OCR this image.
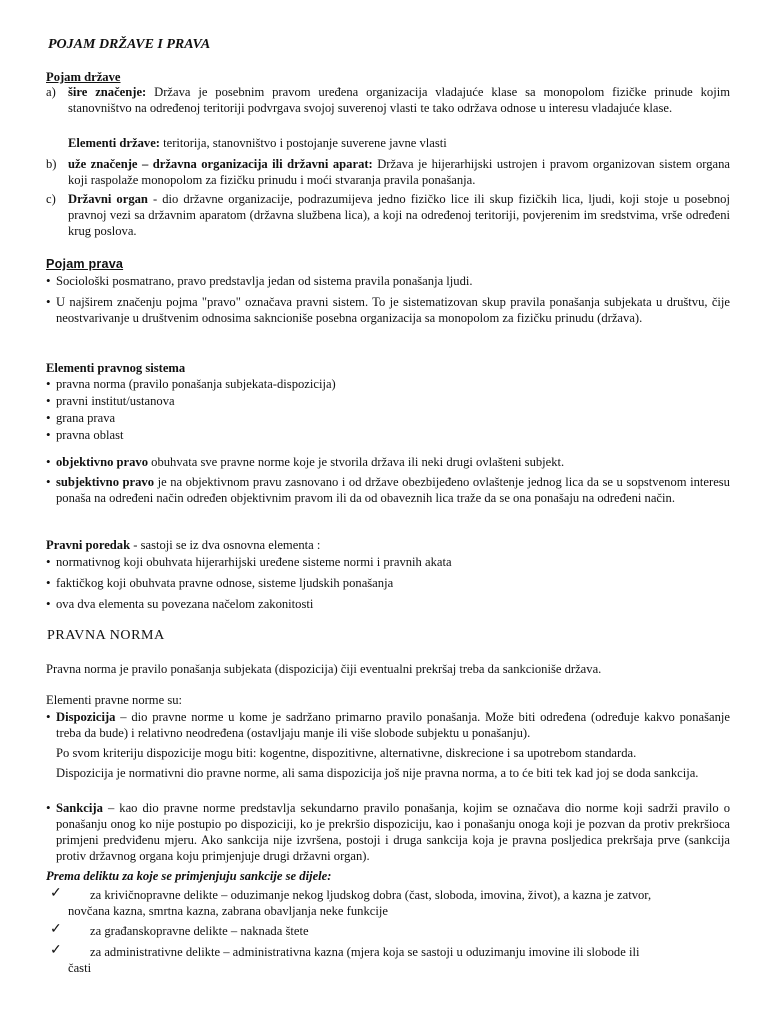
POJAM DRŽAVE I PRAVA
Pojam države
a) šire značenje: Država je posebnim pravom uređena organizacija vladajuće klase sa monopolom fizičke prinude kojim stanovništvo na određenoj teritoriji podvrgava svojoj suverenoj vlasti te tako održava odnose u interesu vladajuće klase.
Elementi države: teritorija, stanovništvo i postojanje suverene javne vlasti
b) uže značenje – državna organizacija ili državni aparat: Država je hijerarhijski ustrojen i pravom organizovan sistem organa koji raspolaže monopolom za fizičku prinudu i moći stvaranja pravila ponašanja.
c) Državni organ - dio državne organizacije, podrazumijeva jedno fizičko lice ili skup fizičkih lica, ljudi, koji stoje u posebnoj pravnoj vezi sa državnim aparatom (državna službena lica), a koji na određenoj teritoriji, povjerenim im sredstvima, vrše određeni krug poslova.
Pojam prava
• Sociološki posmatrano, pravo predstavlja jedan od sistema pravila ponašanja ljudi.
• U najširem značenju pojma "pravo" označava pravni sistem. To je sistematizovan skup pravila ponašanja subjekata u društvu, čije neostvarivanje u društvenim odnosima sakncioniše posebna organizacija sa monopolom za fizičku prinudu (država).
Elementi pravnog sistema
• pravna norma (pravilo ponašanja subjekata-dispozicija)
• pravni institut/ustanova
• grana prava
• pravna oblast
• objektivno pravo obuhvata sve pravne norme koje je stvorila država ili neki drugi ovlašteni subjekt.
• subjektivno pravo je na objektivnom pravu zasnovano i od države obezbijeđeno ovlaštenje jednog lica da se u sopstvenom interesu ponaša na određeni način određen objektivnim pravom ili da od obaveznih lica traže da se ona ponašaju na određeni način.
Pravni poredak - sastoji se iz dva osnovna elementa :
• normativnog koji obuhvata hijerarhijski uređene sisteme normi i pravnih akata
• faktičkog koji obuhvata pravne odnose, sisteme ljudskih ponašanja
• ova dva elementa su povezana načelom zakonitosti
PRAVNA NORMA
Pravna norma je pravilo ponašanja subjekata (dispozicija) čiji eventualni prekršaj treba da sankcioniše država.
Elementi pravne norme su:
• Dispozicija – dio pravne norme u kome je sadržano primarno pravilo ponašanja. Može biti određena (određuje kakvo ponašanje treba da bude) i relativno neodređena (ostavljaju manje ili više slobode subjektu u ponašanju).
Po svom kriteriju dispozicije mogu biti: kogentne, dispozitivne, alternativne, diskrecione i sa upotrebom standarda.
Dispozicija je normativni dio pravne norme, ali sama dispozicija još nije pravna norma, a to će biti tek kad joj se doda sankcija.
• Sankcija – kao dio pravne norme predstavlja sekundarno pravilo ponašanja, kojim se označava dio norme koji sadrži pravilo o ponašanju onog ko nije postupio po dispoziciji, ko je prekršio dispoziciju, kao i ponašanju onoga koji je pozvan da protiv prekršioca primjeni predviđenu mjeru. Ako sankcija nije izvršena, postoji i druga sankcija koja je pravna posljedica prekršaja prve (sankcija protiv državnog organa koju primjenjuje drugi državni organ).
Prema deliktu za koje se primjenjuju sankcije se dijele:
✓	za krivičnopravne delikte – oduzimanje nekog ljudskog dobra (čast, sloboda, imovina, život), a kazna je zatvor,
novčana kazna, smrtna kazna, zabrana obavljanja neke funkcije
✓	za građanskopravne delikte – naknada štete
✓	za administrativne delikte – administrativna kazna (mjera koja se sastoji u oduzimanju imovine ili slobode ili
časti
